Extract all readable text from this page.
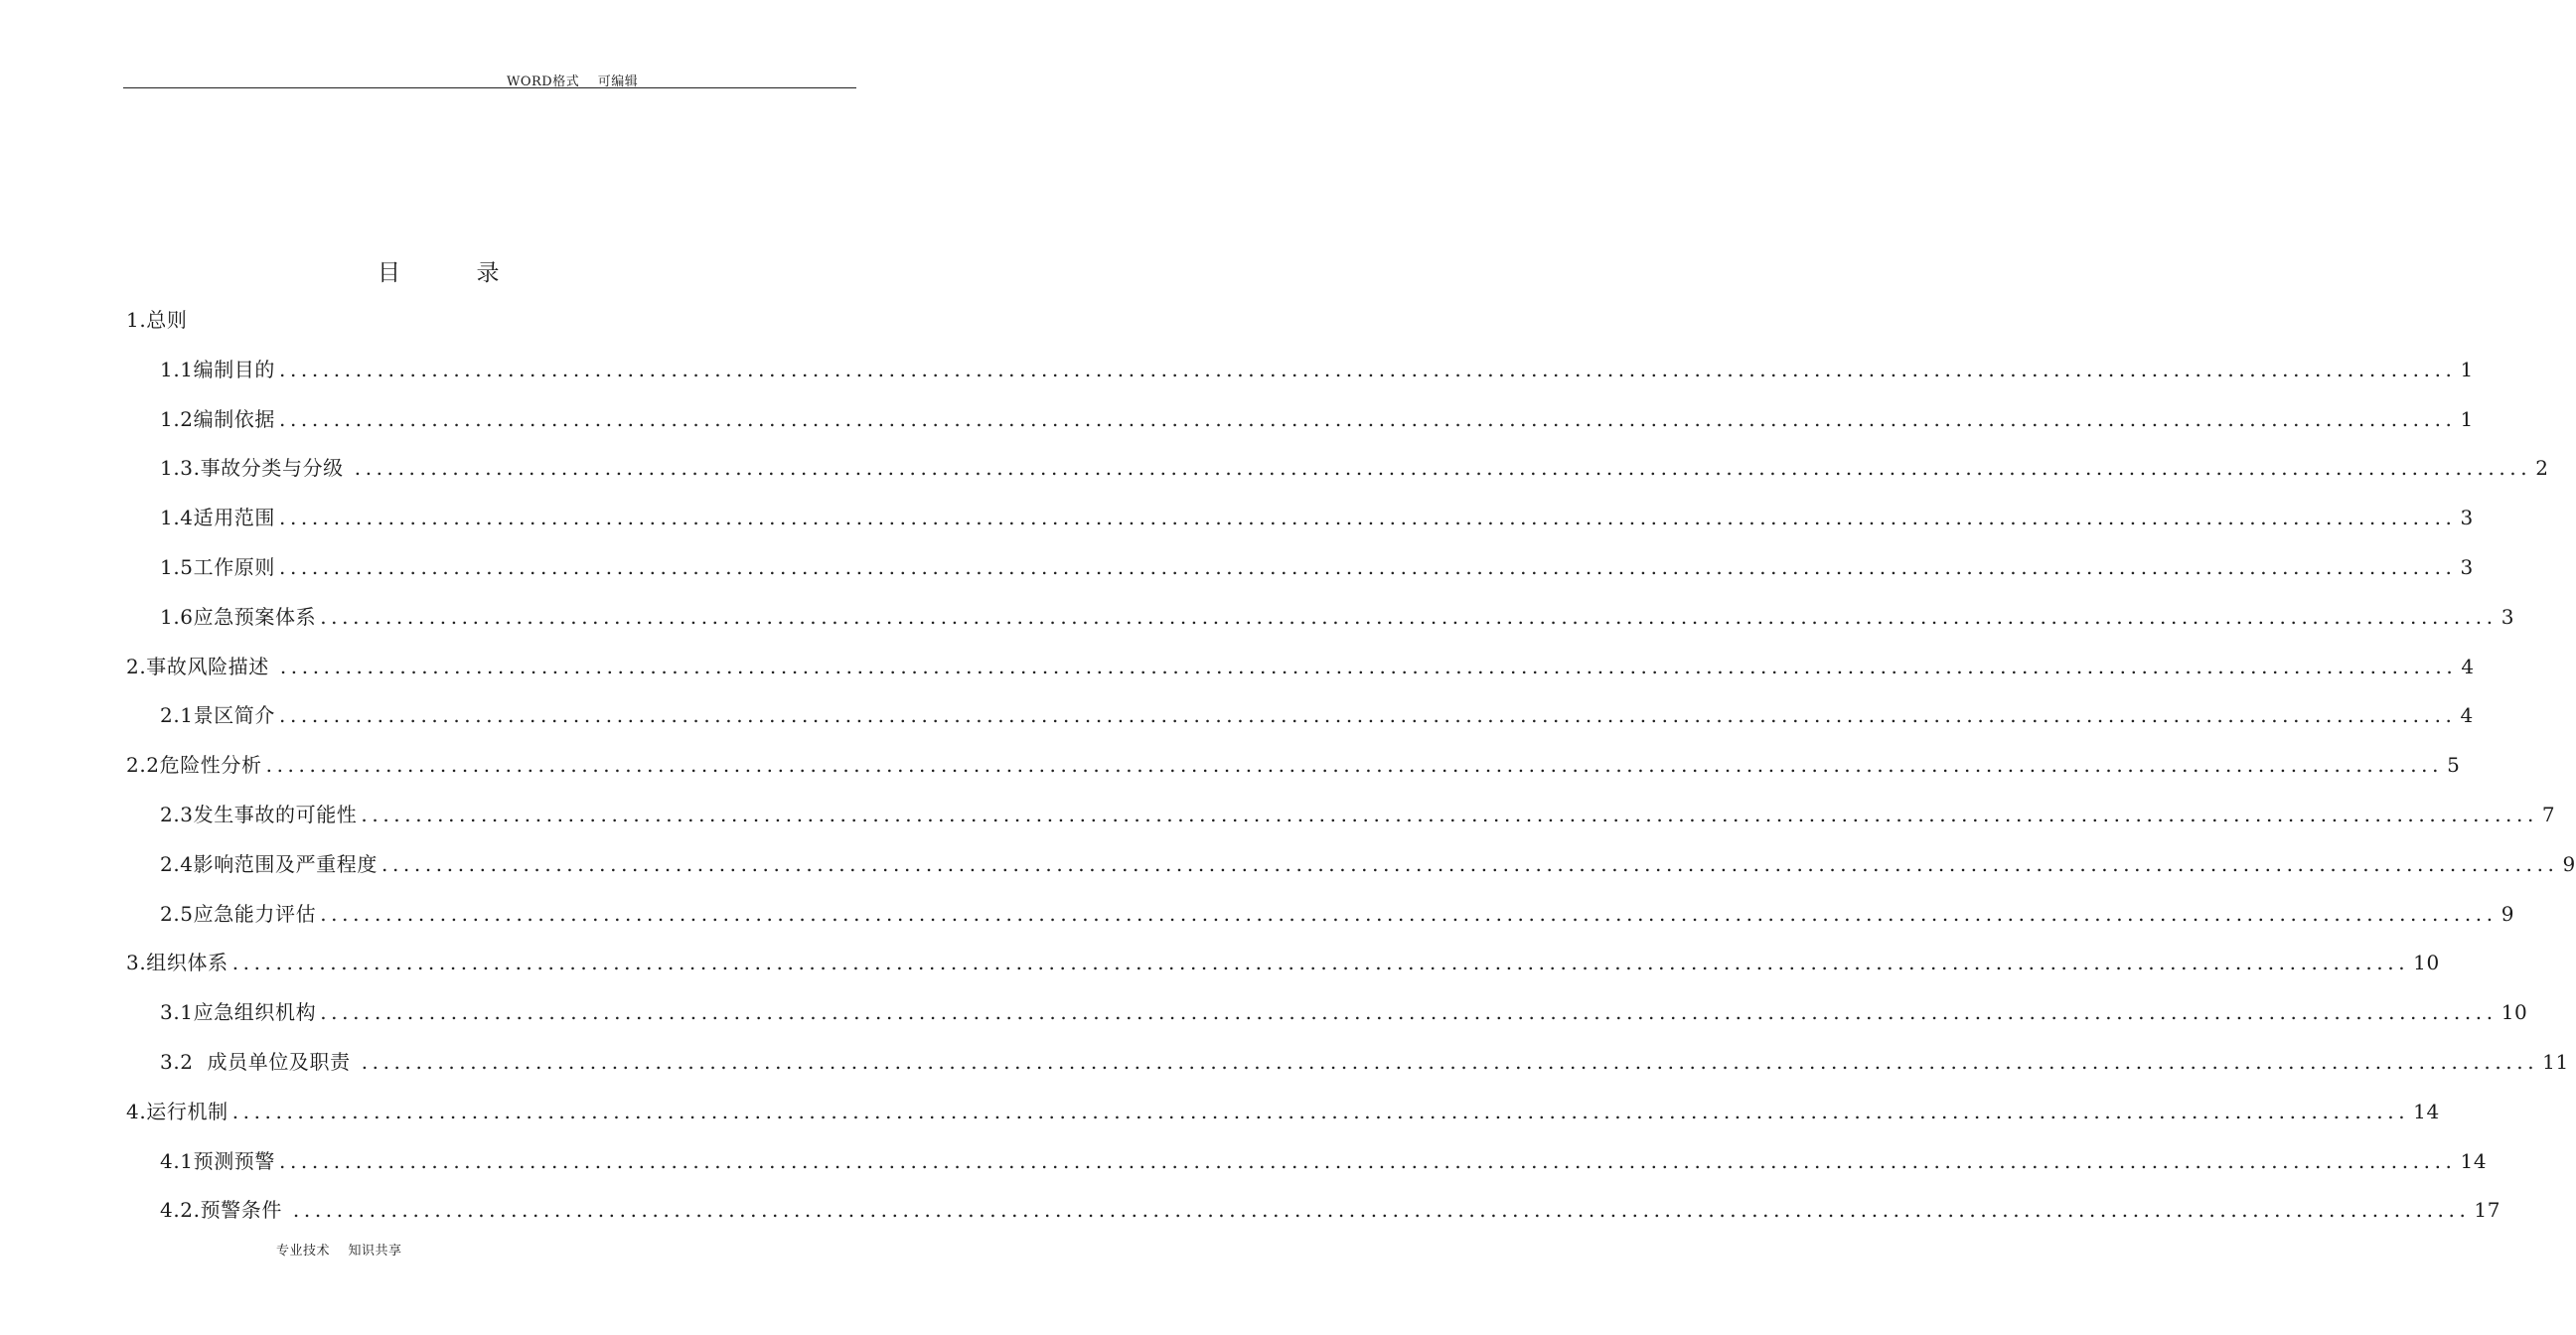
WORD格式    可编辑
目        录
1.总则
1.1编制目的 ........................................................................................................................................................................................................ 1
1.2编制依据 ........................................................................................................................................................................................................ 1
1.3.事故分类与分级 ........................................................................................................................................................................................................ 2
1.4适用范围 ........................................................................................................................................................................................................ 3
1.5工作原则 ........................................................................................................................................................................................................ 3
1.6应急预案体系 ........................................................................................................................................................................................................ 3
2.事故风险描述 ........................................................................................................................................................................................................ 4
2.1景区简介 ........................................................................................................................................................................................................ 4
2.2危险性分析 ........................................................................................................................................................................................................ 5
2.3发生事故的可能性 ........................................................................................................................................................................................................ 7
2.4影响范围及严重程度 ........................................................................................................................................................................................................ 9
2.5应急能力评估 ........................................................................................................................................................................................................ 9
3.组织体系 ........................................................................................................................................................................................................ 10
3.1应急组织机构 ........................................................................................................................................................................................................ 10
3.2  成员单位及职责 ........................................................................................................................................................................................................ 11
4.运行机制 ........................................................................................................................................................................................................ 14
4.1预测预警 ........................................................................................................................................................................................................ 14
4.2.预警条件 ........................................................................................................................................................................................................ 17
专业技术    知识共享
